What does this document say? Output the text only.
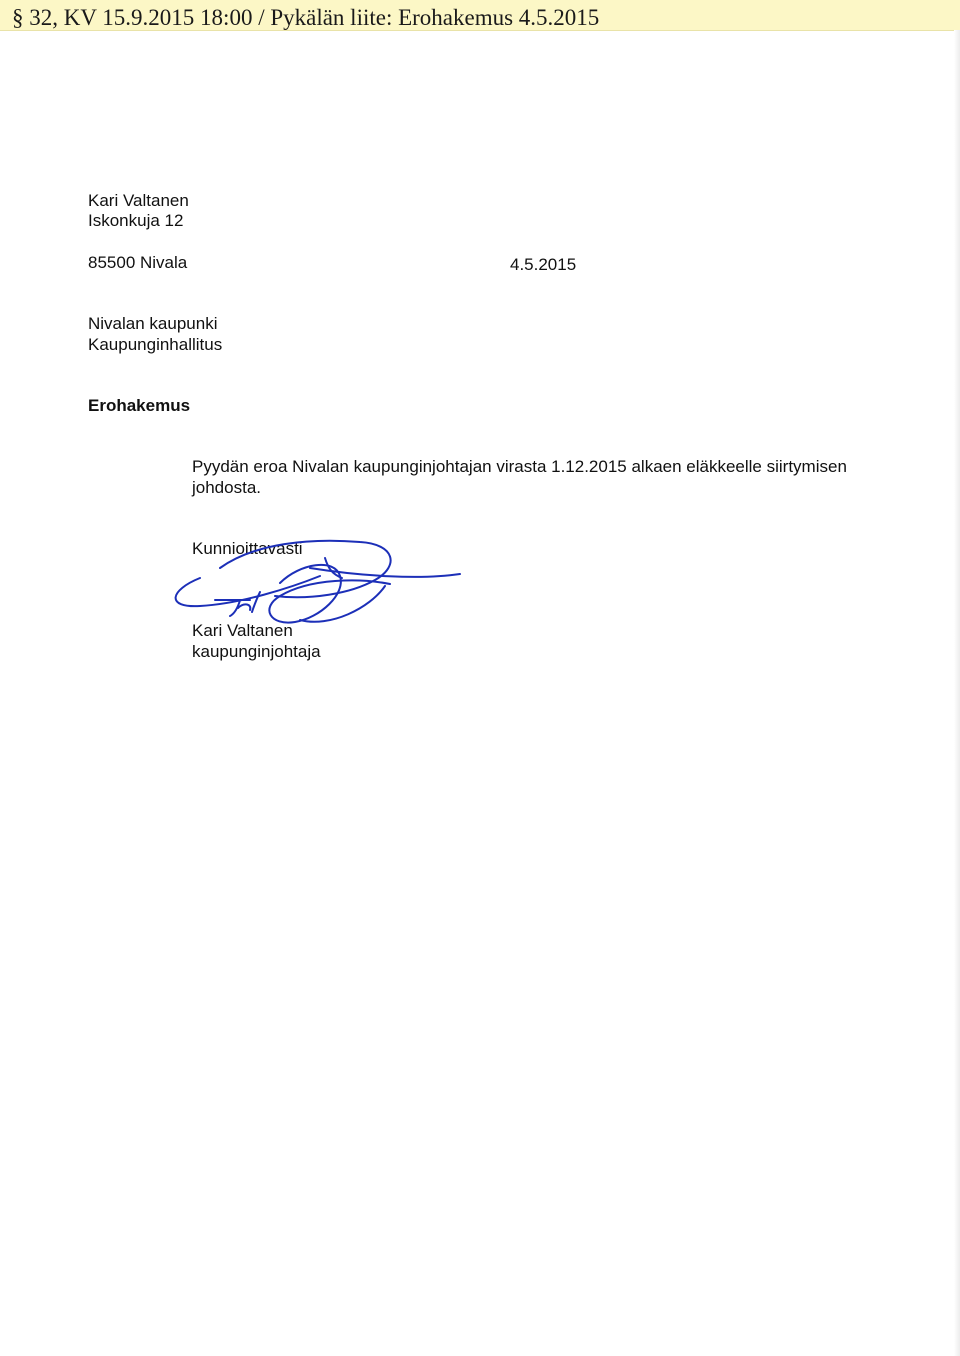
§ 32, KV 15.9.2015 18:00 / Pykälän liite: Erohakemus 4.5.2015
Kari Valtanen
Iskonkuja 12
85500 Nivala	4.5.2015
Nivalan kaupunki
Kaupunginhallitus
Erohakemus
Pyydän eroa Nivalan kaupunginjohtajan virasta 1.12.2015 alkaen eläkkeelle siirtymisen
johdosta.
Kunnioittavasti
Kari Valtanen
kaupunginjohtaja
